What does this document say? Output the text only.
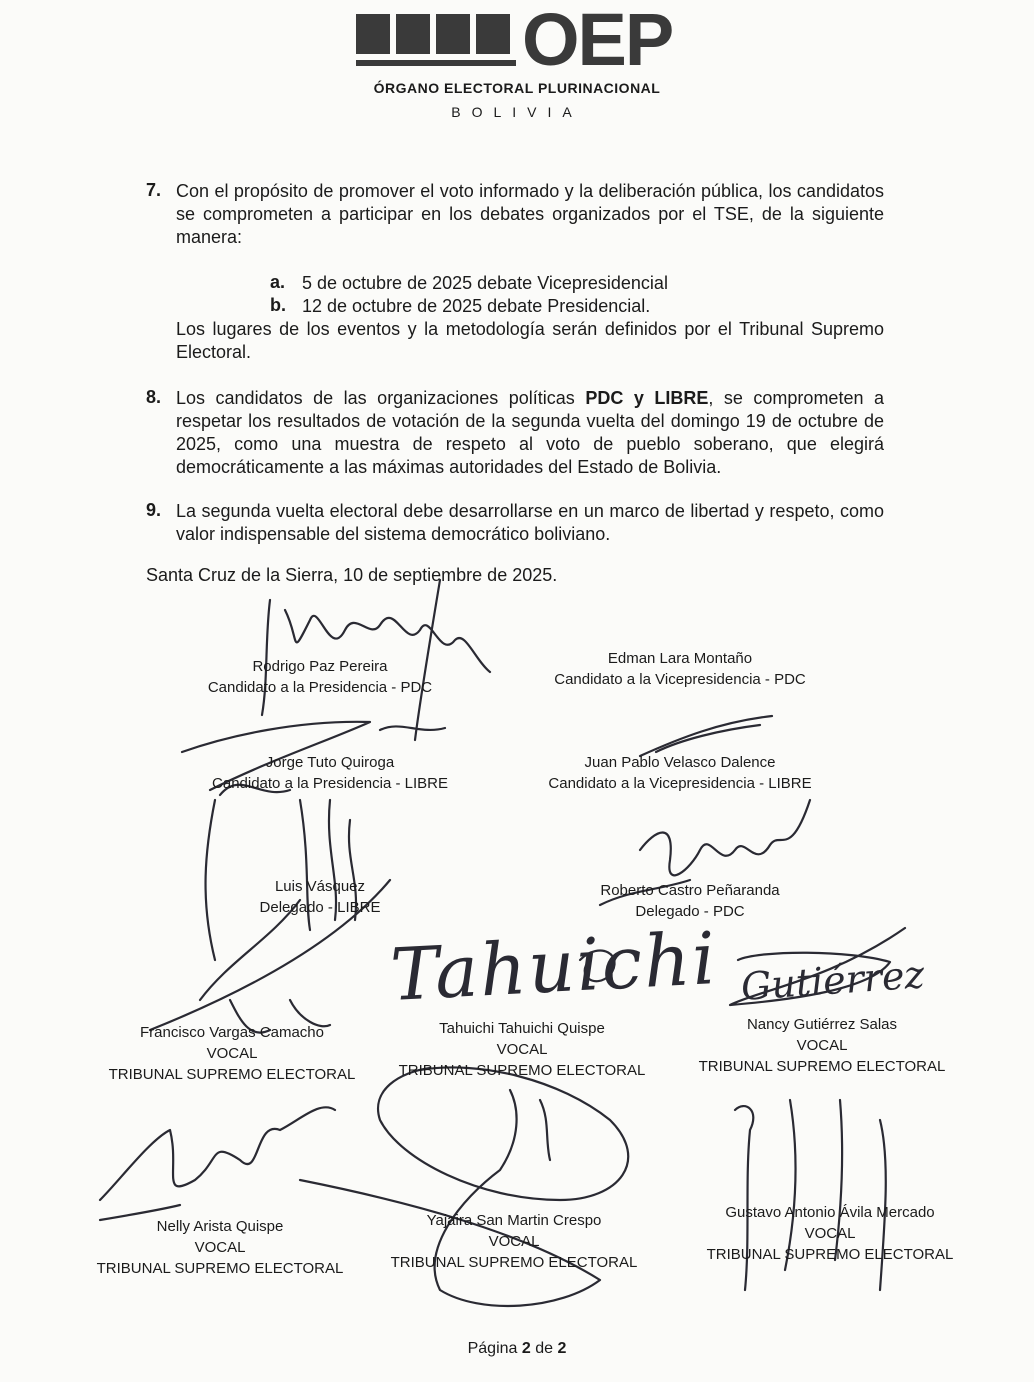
OEP
ÓRGANO ELECTORAL PLURINACIONAL
BOLIVIA
7. Con el propósito de promover el voto informado y la deliberación pública, los candidatos se comprometen a participar en los debates organizados por el TSE, de la siguiente manera:
a. 5 de octubre de 2025 debate Vicepresidencial
b. 12 de octubre de 2025 debate Presidencial.
Los lugares de los eventos y la metodología serán definidos por el Tribunal Supremo Electoral.
8. Los candidatos de las organizaciones políticas PDC y LIBRE, se comprometen a respetar los resultados de votación de la segunda vuelta del domingo 19 de octubre de 2025, como una muestra de respeto al voto de pueblo soberano, que elegirá democráticamente a las máximas autoridades del Estado de Bolivia.
9. La segunda vuelta electoral debe desarrollarse en un marco de libertad y respeto, como valor indispensable del sistema democrático boliviano.
Santa Cruz de la Sierra, 10 de septiembre de 2025.
Tahuichi Gutiérrez
Rodrigo Paz Pereira
Candidato a la Presidencia - PDC
Edman Lara Montaño
Candidato a la Vicepresidencia - PDC
Jorge Tuto Quiroga
Candidato a la Presidencia - LIBRE
Juan Pablo Velasco Dalence
Candidato a la Vicepresidencia - LIBRE
Luis Vásquez
Delegado - LIBRE
Roberto Castro Peñaranda
Delegado - PDC
Francisco Vargas Camacho
VOCAL
TRIBUNAL SUPREMO ELECTORAL
Tahuichi Tahuichi Quispe
VOCAL
TRIBUNAL SUPREMO ELECTORAL
Nancy Gutiérrez Salas
VOCAL
TRIBUNAL SUPREMO ELECTORAL
Nelly Arista Quispe
VOCAL
TRIBUNAL SUPREMO ELECTORAL
Yajaira San Martin Crespo
VOCAL
TRIBUNAL SUPREMO ELECTORAL
Gustavo Antonio Ávila Mercado
VOCAL
TRIBUNAL SUPREMO ELECTORAL
Página 2 de 2
